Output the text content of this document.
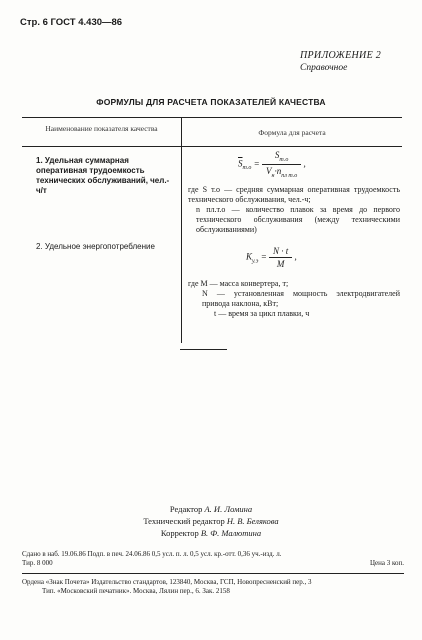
Стр. 6 ГОСТ 4.430—86
ПРИЛОЖЕНИЕ 2
Справочное
ФОРМУЛЫ ДЛЯ РАСЧЕТА ПОКАЗАТЕЛЕЙ КАЧЕСТВА
Наименование показателя качества	Формула для расчета
1. Удельная суммарная оперативная трудоемкость технических обслуживаний, чел.-ч/т
$\overline{S}_{т.о} = \frac{S_{т.о}}{V_н\cdot n_{пл т.о}}$ ,
где S т.о — средняя суммарная оперативная трудоемкость технического обслуживания, чел.-ч;
n пл.т.о — количество плавок за время до первого технического обслуживания (между техническими обслуживаниями)
2. Удельное энергопотребление
$K_{у.э} = \frac{N \cdot t}{M}$ ,
где M — масса конвертера, т;
N — установленная мощность электродвигателей привода наклона, кВт;
t — время за цикл плавки, ч
Редактор А. И. Ломина
Технический редактор Н. В. Белякова
Корректор В. Ф. Малютина
Сдано в наб. 19.06.86 Подп. в печ. 24.06.86 0,5 усл. п. л. 0,5 усл. кр.-отт. 0,36 уч.-изд. л.
Тир. 8 000	Цена 3 коп.
Ордена «Знак Почета» Издательство стандартов, 123840, Москва, ГСП, Новопресненский пер., 3
Тип. «Московский печатник». Москва, Лялин пер., 6. Зак. 2158
